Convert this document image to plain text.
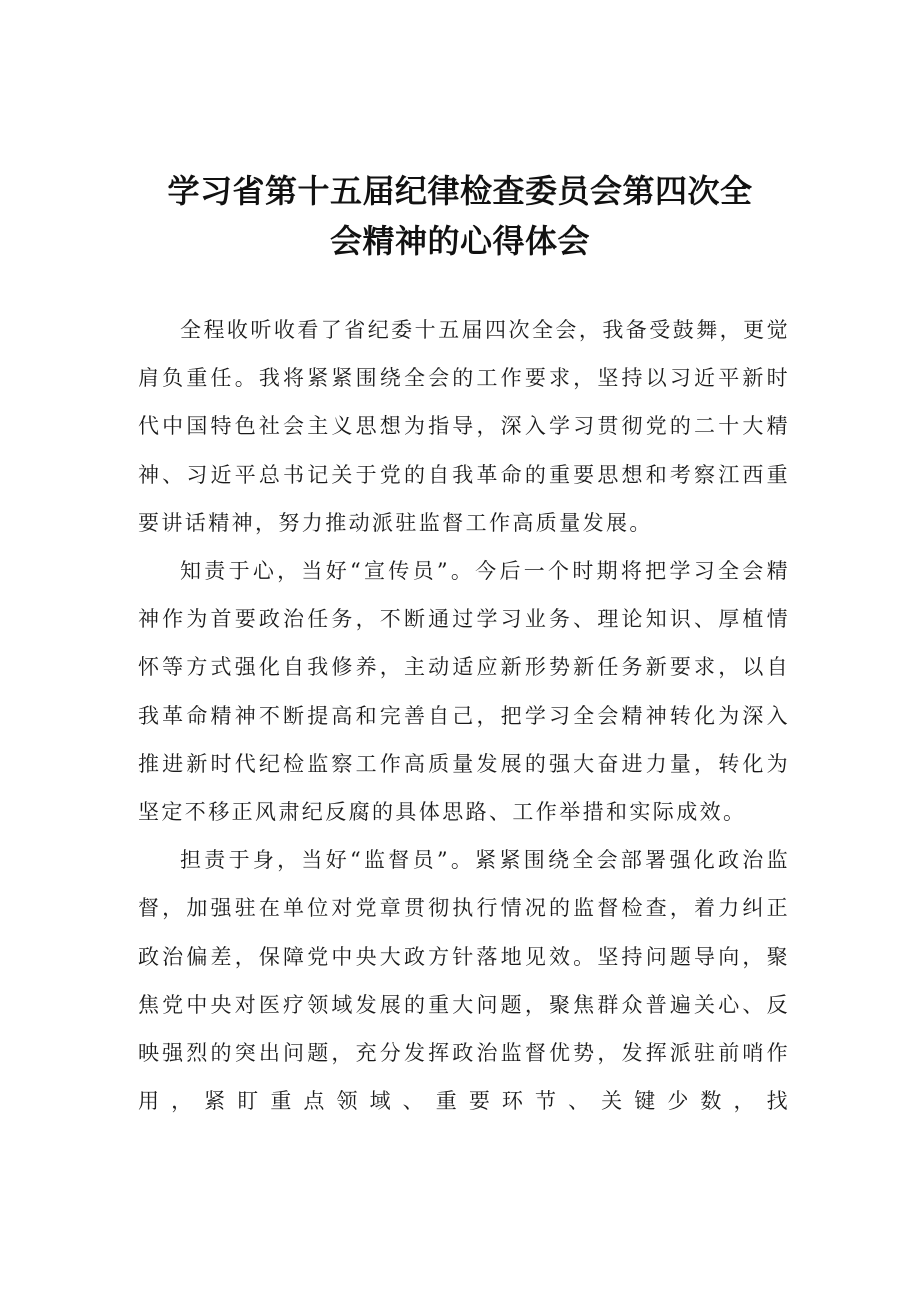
学习省第十五届纪律检查委员会第四次全
会精神的心得体会

全程收听收看了省纪委十五届四次全会，我备受鼓舞，更觉肩负重任。我将紧紧围绕全会的工作要求，坚持以习近平新时代中国特色社会主义思想为指导，深入学习贯彻党的二十大精神、习近平总书记关于党的自我革命的重要思想和考察江西重要讲话精神，努力推动派驻监督工作高质量发展。

知责于心，当好“宣传员”。今后一个时期将把学习全会精神作为首要政治任务，不断通过学习业务、理论知识、厚植情怀等方式强化自我修养，主动适应新形势新任务新要求，以自我革命精神不断提高和完善自己，把学习全会精神转化为深入推进新时代纪检监察工作高质量发展的强大奋进力量，转化为坚定不移正风肃纪反腐的具体思路、工作举措和实际成效。

担责于身，当好“监督员”。紧紧围绕全会部署强化政治监督，加强驻在单位对党章贯彻执行情况的监督检查，着力纠正政治偏差，保障党中央大政方针落地见效。坚持问题导向，聚焦党中央对医疗领域发展的重大问题，聚焦群众普遍关心、反映强烈的突出问题，充分发挥政治监督优势，发挥派驻前哨作用，紧盯重点领域、重要环节、关键少数，找
